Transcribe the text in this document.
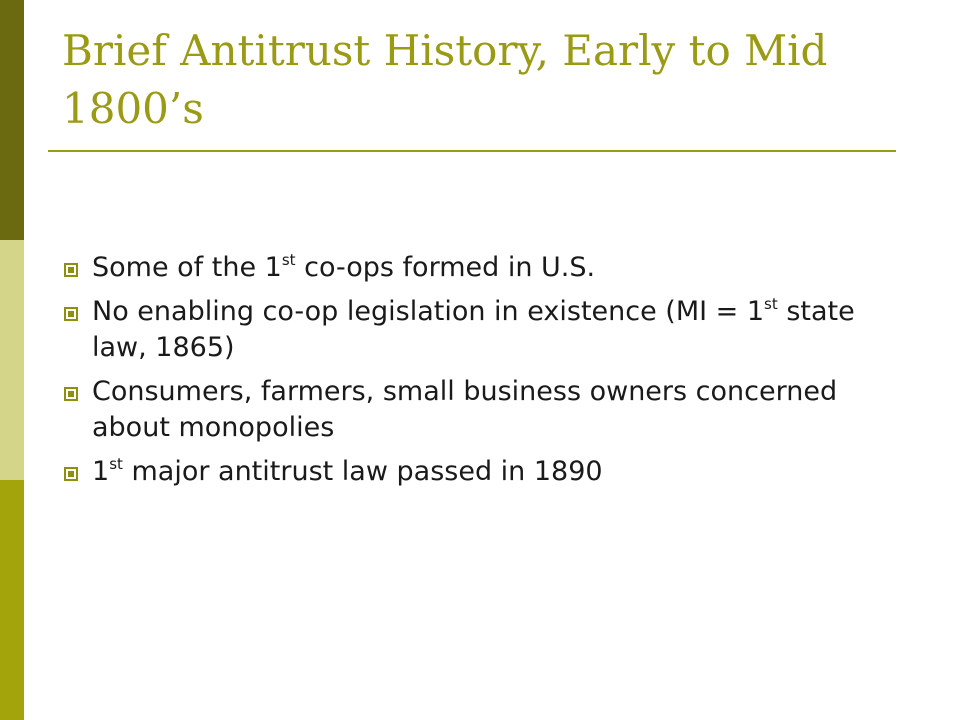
Brief Antitrust History, Early to Mid 1800’s
Some of the 1st co-ops formed in U.S.
No enabling co-op legislation in existence (MI = 1st state law, 1865)
Consumers, farmers, small business owners concerned about monopolies
1st major antitrust law passed in 1890
